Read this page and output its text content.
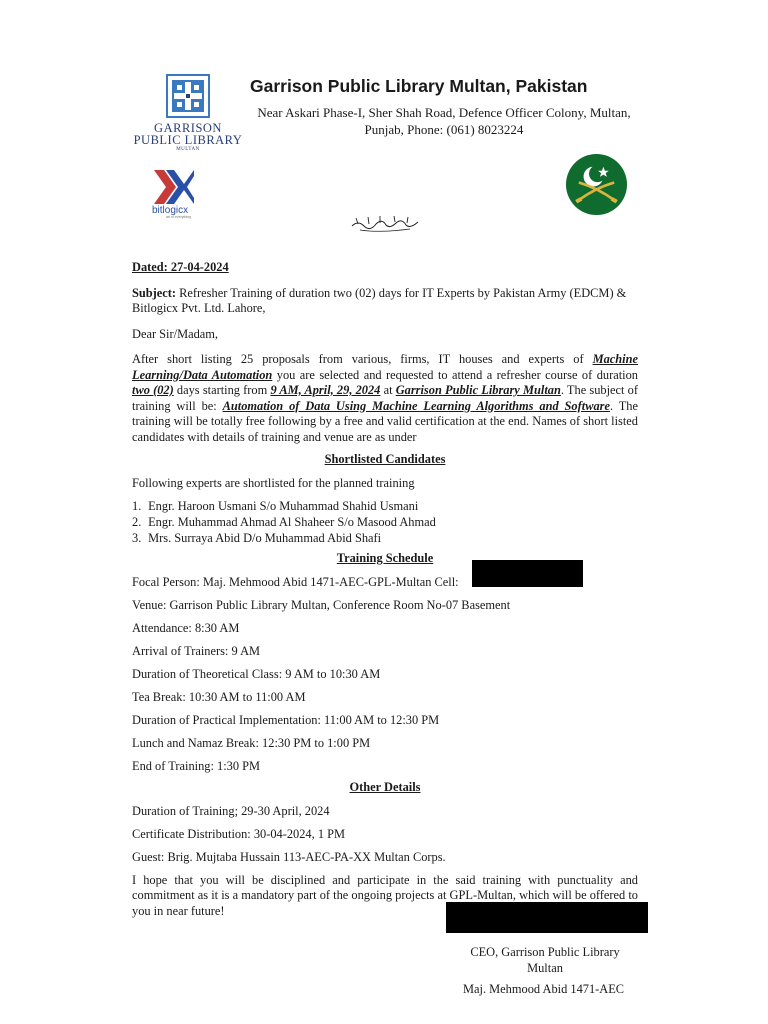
GARRISON
PUBLIC LIBRARY
MULTAN
bitlogicx
art of everything
Garrison Public Library Multan, Pakistan
Near Askari Phase-I, Sher Shah Road, Defence Officer Colony, Multan,
Punjab, Phone: (061) 8023224

Dated: 27-04-2024

Subject: Refresher Training of duration two (02) days for IT Experts by Pakistan Army (EDCM) & Bitlogicx Pvt. Ltd. Lahore,

Dear Sir/Madam,

After short listing 25 proposals from various, firms, IT houses and experts of Machine Learning/Data Automation you are selected and requested to attend a refresher course of duration two (02) days starting from 9 AM, April, 29, 2024 at Garrison Public Library Multan. The subject of training will be: Automation of Data Using Machine Learning Algorithms and Software. The training will be totally free following by a free and valid certification at the end. Names of short listed candidates with details of training and venue are as under

Shortlisted Candidates

Following experts are shortlisted for the planned training

1. Engr. Haroon Usmani S/o Muhammad Shahid Usmani
2. Engr. Muhammad Ahmad Al Shaheer S/o Masood Ahmad
3. Mrs. Surraya Abid D/o Muhammad Abid Shafi

Training Schedule

Focal Person: Maj. Mehmood Abid 1471-AEC-GPL-Multan Cell:

Venue: Garrison Public Library Multan, Conference Room No-07 Basement

Attendance: 8:30 AM

Arrival of Trainers: 9 AM

Duration of Theoretical Class: 9 AM to 10:30 AM

Tea Break: 10:30 AM to 11:00 AM

Duration of Practical Implementation: 11:00 AM to 12:30 PM

Lunch and Namaz Break: 12:30 PM to 1:00 PM

End of Training: 1:30 PM

Other Details

Duration of Training; 29-30 April, 2024

Certificate Distribution: 30-04-2024, 1 PM

Guest: Brig. Mujtaba Hussain 113-AEC-PA-XX Multan Corps.

I hope that you will be disciplined and participate in the said training with punctuality and commitment as it is a mandatory part of the ongoing projects at GPL-Multan, which will be offered to you in near future!

CEO, Garrison Public Library
Multan
Maj. Mehmood Abid 1471-AEC
